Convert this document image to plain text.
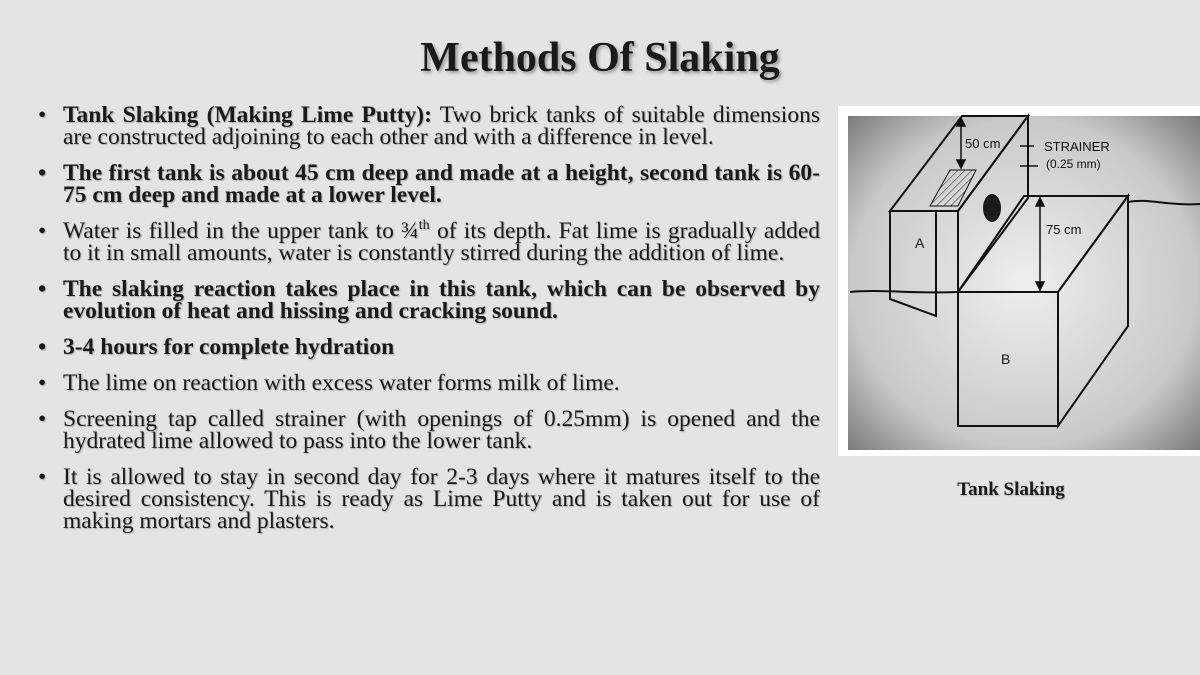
Methods Of Slaking
• Tank Slaking (Making Lime Putty): Two brick tanks of suitable dimensions are constructed adjoining to each other and with a difference in level.
• The first tank is about 45 cm deep and made at a height, second tank is 60-75 cm deep and made at a lower level.
• Water is filled in the upper tank to ¾$^{th}$ of its depth. Fat lime is gradually added to it in small amounts, water is constantly stirred during the addition of lime.
• The slaking reaction takes place in this tank, which can be observed by evolution of heat and hissing and cracking sound.
• 3-4 hours for complete hydration
• The lime on reaction with excess water forms milk of lime.
• Screening tap called strainer (with openings of 0.25mm) is opened and the hydrated lime allowed to pass into the lower tank.
• It is allowed to stay in second day for 2-3 days where it matures itself to the desired consistency. This is ready as Lime Putty and is taken out for use of making mortars and plasters.
50 cm
75 cm
STRAINER
(0.25 mm)
A
B
Tank Slaking
